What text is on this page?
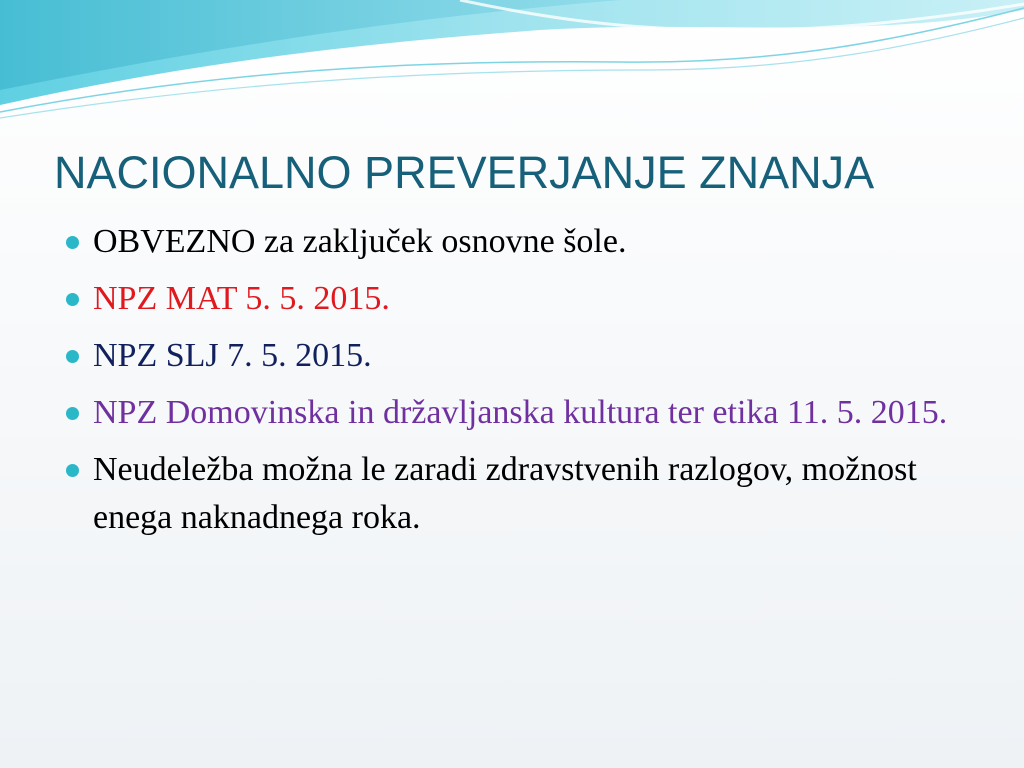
NACIONALNO PREVERJANJE ZNANJA
OBVEZNO za zaključek osnovne šole.
NPZ MAT 5. 5. 2015.
NPZ SLJ 7. 5. 2015.
NPZ Domovinska in državljanska kultura ter etika 11. 5. 2015.
Neudeležba možna le zaradi zdravstvenih razlogov, možnost enega naknadnega roka.
